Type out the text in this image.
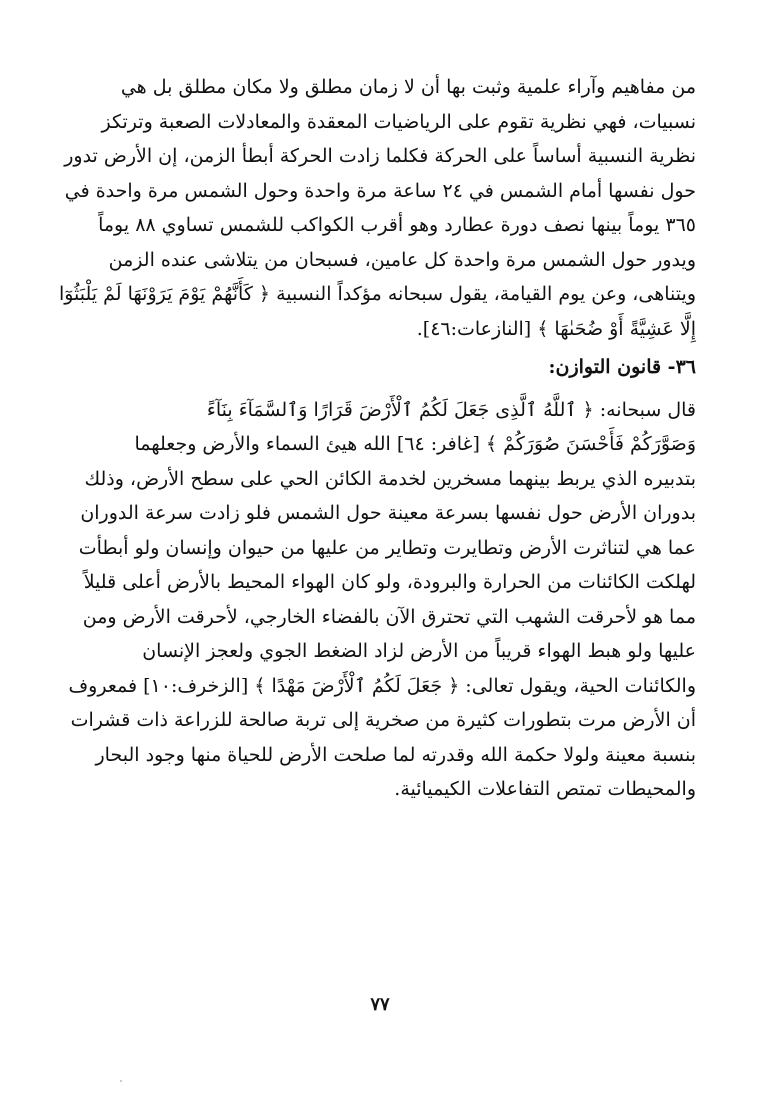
من مفاهيم وآراء علمية وثبت بها أن لا زمان مطلق ولا مكان مطلق بل هي
نسبيات، فهي نظرية تقوم على الرياضيات المعقدة والمعادلات الصعبة وترتكز
نظرية النسبية أساساً على الحركة فكلما زادت الحركة أبطأ الزمن، إن الأرض تدور
حول نفسها أمام الشمس في ٢٤ ساعة مرة واحدة وحول الشمس مرة واحدة في
٣٦٥ يوماً بينها نصف دورة عطارد وهو أقرب الكواكب للشمس تساوي ٨٨ يوماً
ويدور حول الشمس مرة واحدة كل عامين، فسبحان من يتلاشى عنده الزمن
ويتناهى، وعن يوم القيامة، يقول سبحانه مؤكداً النسبية ﴿ كَأَنَّهُمْ يَوْمَ يَرَوْنَهَا لَمْ يَلْبَثُوٓا
إِلَّا عَشِيَّةً أَوْ ضُحَىٰهَا ﴾ [النازعات:٤٦].
٣٦- قانون التوازن:
قال سبحانه: ﴿ ٱللَّهُ ٱلَّذِى جَعَلَ لَكُمُ ٱلْأَرْضَ قَرَارًا وَٱلسَّمَآءَ بِنَآءً
وَصَوَّرَكُمْ فَأَحْسَنَ صُوَرَكُمْ ﴾ [غافر: ٦٤] الله هيئ السماء والأرض وجعلهما
بتدبيره الذي يربط بينهما مسخرين لخدمة الكائن الحي على سطح الأرض، وذلك
بدوران الأرض حول نفسها بسرعة معينة حول الشمس فلو زادت سرعة الدوران
عما هي لتناثرت الأرض وتطايرت وتطاير من عليها من حيوان وإنسان ولو أبطأت
لهلكت الكائنات من الحرارة والبرودة، ولو كان الهواء المحيط بالأرض أعلى قليلاً
مما هو لأحرقت الشهب التي تحترق الآن بالفضاء الخارجي، لأحرقت الأرض ومن
عليها ولو هبط الهواء قريباً من الأرض لزاد الضغط الجوي ولعجز الإنسان
والكائنات الحية، ويقول تعالى: ﴿ جَعَلَ لَكُمُ ٱلْأَرْضَ مَهْدًا ﴾ [الزخرف:١٠] فمعروف
أن الأرض مرت بتطورات كثيرة من صخرية إلى تربة صالحة للزراعة ذات قشرات
بنسبة معينة ولولا حكمة الله وقدرته لما صلحت الأرض للحياة منها وجود البحار
والمحيطات تمتص التفاعلات الكيميائية.
٧٧
